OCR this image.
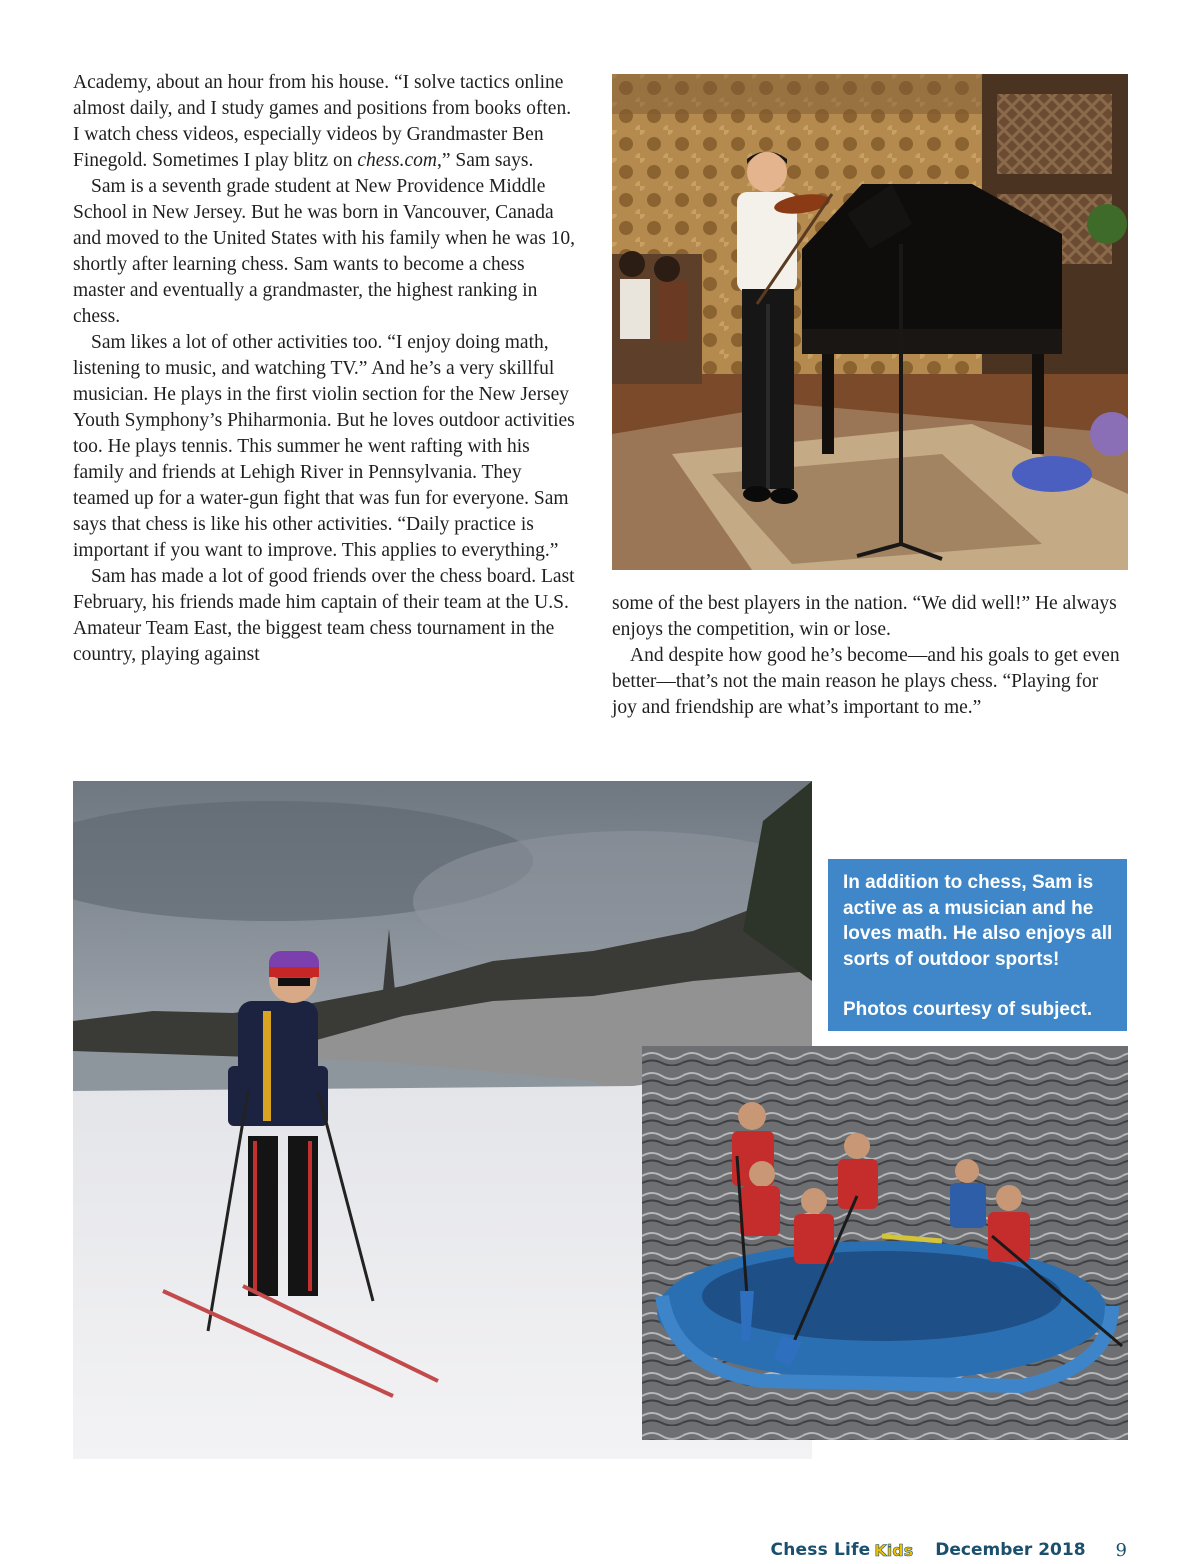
Academy, about an hour from his house. “I solve tactics online almost daily, and I study games and positions from books often. I watch chess videos, especially videos by Grandmaster Ben Finegold. Sometimes I play blitz on chess.com,” Sam says.

Sam is a seventh grade student at New Providence Middle School in New Jersey. But he was born in Vancouver, Canada and moved to the United States with his family when he was 10, shortly after learning chess. Sam wants to become a chess master and eventually a grandmaster, the highest ranking in chess.

Sam likes a lot of other activities too. “I enjoy doing math, listening to music, and watching TV.” And he’s a very skillful musician. He plays in the first violin section for the New Jersey Youth Symphony’s Phiharmonia. But he loves outdoor activities too. He plays tennis. This summer he went rafting with his family and friends at Lehigh River in Pennsylvania. They teamed up for a water-gun fight that was fun for everyone. Sam says that chess is like his other activities. “Daily practice is important if you want to improve. This applies to everything.”

Sam has made a lot of good friends over the chess board. Last February, his friends made him captain of their team at the U.S. Amateur Team East, the biggest team chess tournament in the country, playing against

some of the best players in the nation. “We did well!” He always enjoys the competition, win or lose.

And despite how good he’s become—and his goals to get even better—that’s not the main reason he plays chess. “Playing for joy and friendship are what’s important to me.”

In addition to chess, Sam is active as a musician and he loves math. He also enjoys all sorts of outdoor sports!

Photos courtesy of subject.

Chess Life Kids December 2018 9
